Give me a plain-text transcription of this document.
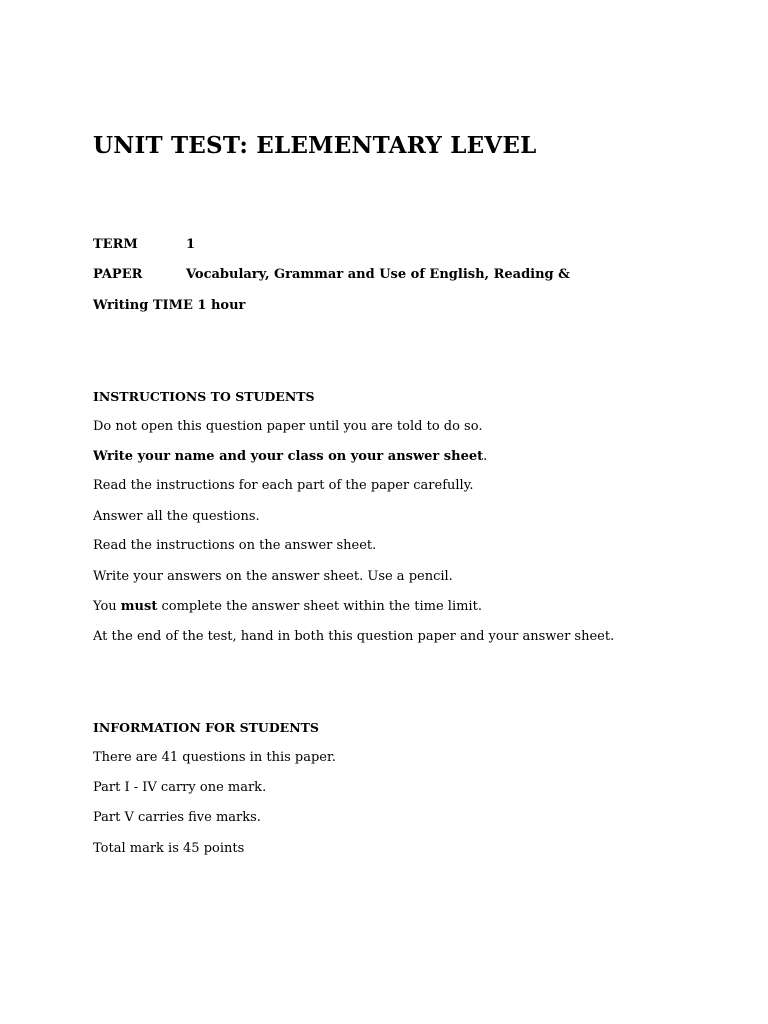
UNIT TEST: ELEMENTARY LEVEL
TERM	1
PAPER	Vocabulary, Grammar and Use of English, Reading &
Writing TIME 1 hour
INSTRUCTIONS TO STUDENTS
Do not open this question paper until you are told to do so.
Write your name and your class on your answer sheet.
Read the instructions for each part of the paper carefully.
Answer all the questions.
Read the instructions on the answer sheet.
Write your answers on the answer sheet. Use a pencil.
You must complete the answer sheet within the time limit.
At the end of the test, hand in both this question paper and your answer sheet.
INFORMATION FOR STUDENTS
There are 41 questions in this paper.
Part I - IV carry one mark.
Part V carries five marks.
Total mark is 45 points
